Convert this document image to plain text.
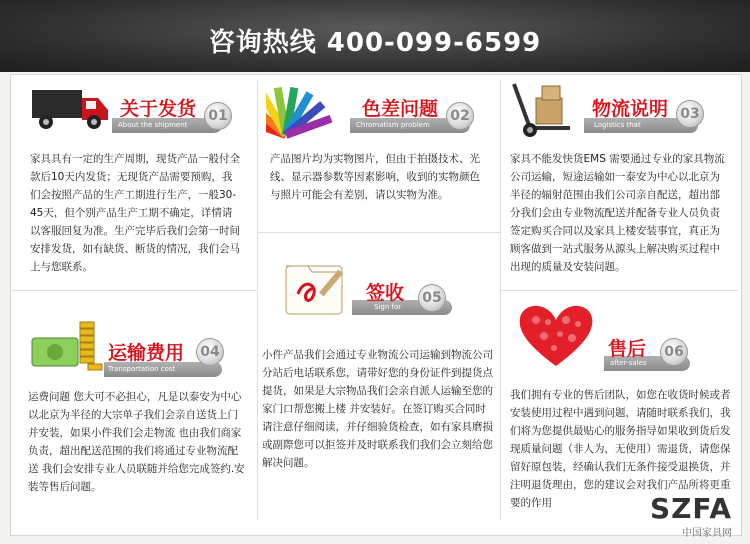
咨询热线 400-099-6599
关于发货
About the shipment
01
家具具有一定的生产周期，现货产品一般付全款后10天内发货；无现货产品需要预购，我们会按照产品的生产工期进行生产，一般30-45天，但个别产品生产工期不确定，详情请以客服回复为准。生产完毕后我们会第一时间安排发货，如有缺货、断货的情况，我们会马上与您联系。
色差问题
Chromatism problem
02
产品图片均为实物图片，但由于拍摄技术、光线、显示器参数等因素影响，收到的实物颜色与照片可能会有差别，请以实物为准。
物流说明
Logistics that
03
家具不能发快货EMS 需要通过专业的家具物流公司运输，短途运输如一泰安为中心以北京为半径的辐射范围由我们公司亲自配送，超出部分我们会由专业物流配送并配备专业人员负责签定购买合同以及家具上楼安装事宜，真正为顾客做到一站式服务从源头上解决购买过程中出现的质量及安装问题。
运输费用
Transportation cost
04
运费问题 您大可不必担心，凡是以泰安为中心以北京为半径的大宗单子我们会亲自送货上门并安装，如果小件我们会走物流 也由我们商家负责，超出配送范围的我们将通过专业物流配送 我们会安排专业人员联随并给您完成签约.安装等售后问题。
签收
Sign for
05
小件产品我们会通过专业物流公司运输到物流公司分站后电话联系您，请带好您的身份证件到提货点提货，如果是大宗物品我们会亲自派人运输至您的家门口帮您搬上楼 并安装好。在签订购买合同时请注意仔细阅读，并仔细验货检查，如有家具磨损或副際您可以拒签并及时联系我们我们会立刻给您解决问题。
售后
after-sales
06
我们拥有专业的售后团队，如您在收货时候或者安装使用过程中遇到问题，请随时联系我们，我们将为您提供最贴心的服务指导如果收到货后发现质量问题（非人为，无使用）需退货，请您保留好原包装，经确认我们无条件接受退换货，并注明退货理由，您的建议会对我们产品所将更重要的作用	SZFA
中国家具网
